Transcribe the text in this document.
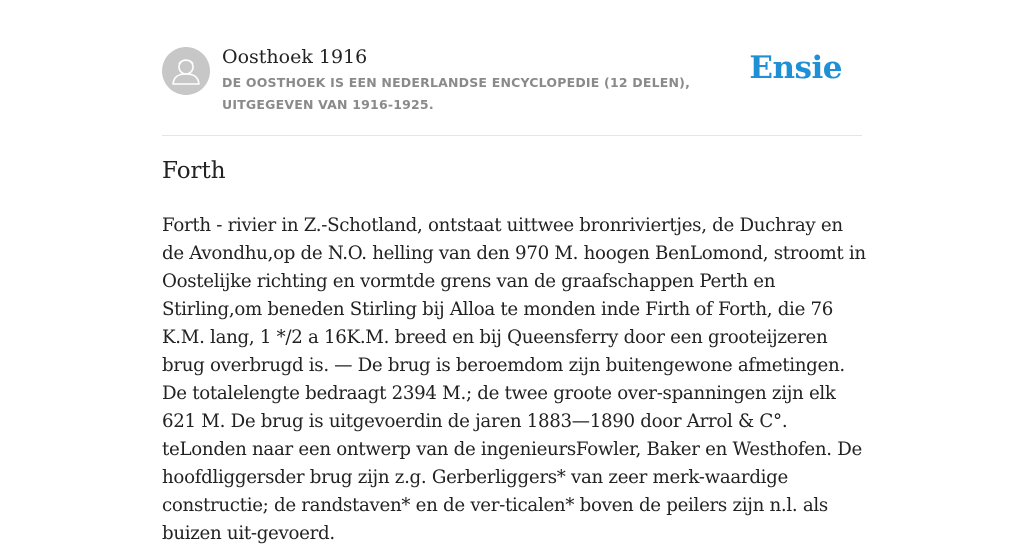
Oosthoek 1916
DE OOSTHOEK IS EEN NEDERLANDSE ENCYCLOPEDIE (12 DELEN), UITGEGEVEN VAN 1916-1925.
Ensie
Forth

Forth - rivier in Z.-Schotland, ontstaat uittwee bronriviertjes, de Duchray en de Avondhu,op de N.O. helling van den 970 M. hoogen BenLomond, stroomt in Oostelijke richting en vormtde grens van de graafschappen Perth en Stirling,om beneden Stirling bij Alloa te monden inde Firth of Forth, die 76 K.M. lang, 1 */2 a 16K.M. breed en bij Queensferry door een grooteijzeren brug overbrugd is. — De brug is beroemdom zijn buitengewone afmetingen. De totalelengte bedraagt 2394 M.; de twee groote over-spanningen zijn elk 621 M. De brug is uitgevoerdin de jaren 1883—1890 door Arrol & C°. teLonden naar een ontwerp van de ingenieursFowler, Baker en Westhofen. De hoofdliggersder brug zijn z.g. Gerberliggers* van zeer merk-waardige constructie; de randstaven* en de ver-ticalen* boven de peilers zijn n.l. als buizen uit-gevoerd.
